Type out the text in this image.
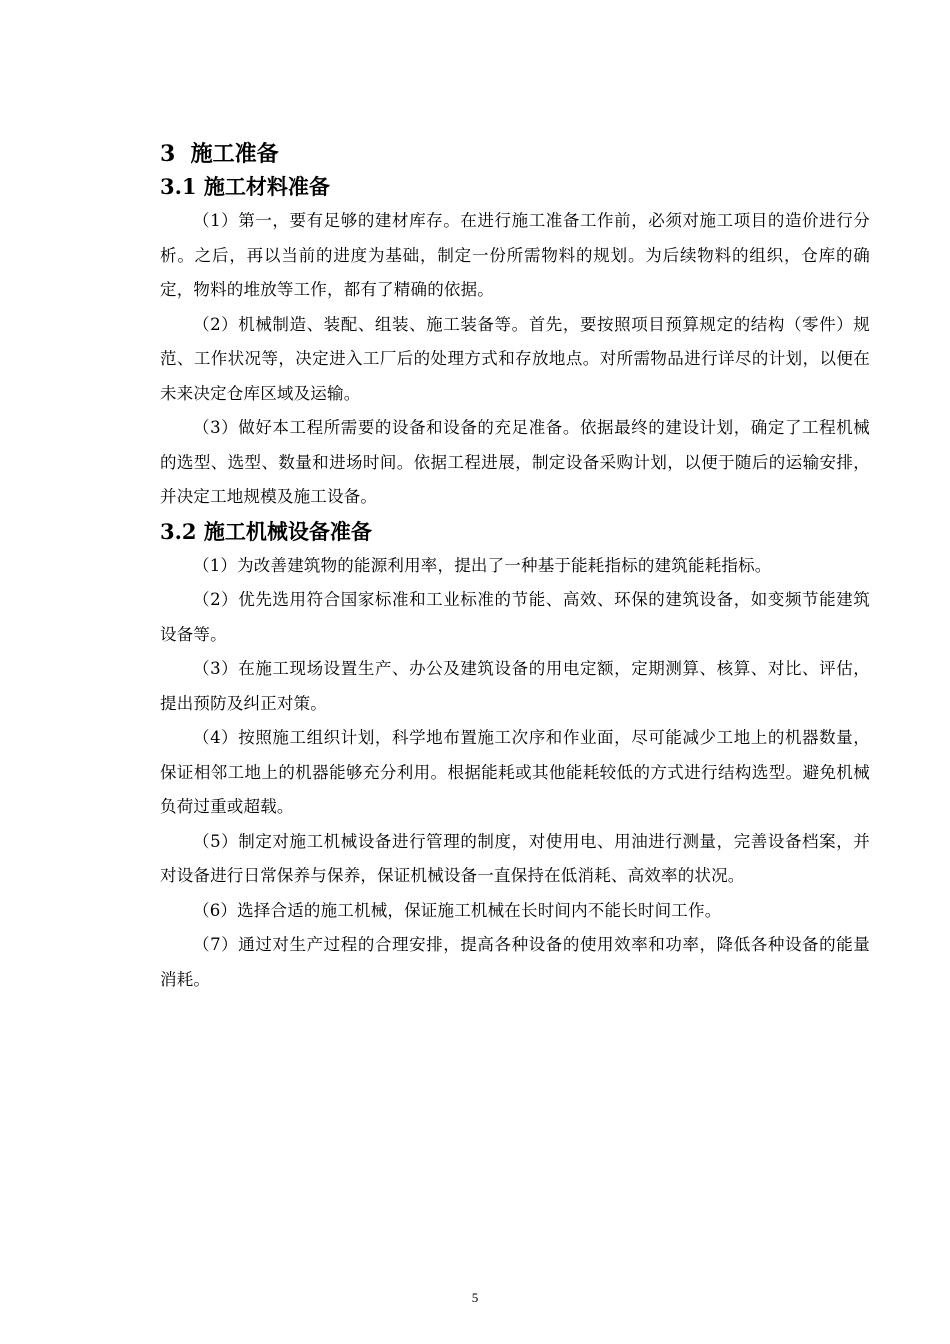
3  施工准备
3.1 施工材料准备

（1）第一，要有足够的建材库存。在进行施工准备工作前，必须对施工项目的造价进行分析。之后，再以当前的进度为基础，制定一份所需物料的规划。为后续物料的组织，仓库的确定，物料的堆放等工作，都有了精确的依据。

（2）机械制造、装配、组装、施工装备等。首先，要按照项目预算规定的结构（零件）规范、工作状况等，决定进入工厂后的处理方式和存放地点。对所需物品进行详尽的计划，以便在未来决定仓库区域及运输。

（3）做好本工程所需要的设备和设备的充足准备。依据最终的建设计划，确定了工程机械的选型、选型、数量和进场时间。依据工程进展，制定设备采购计划，以便于随后的运输安排，并决定工地规模及施工设备。

3.2 施工机械设备准备

（1）为改善建筑物的能源利用率，提出了一种基于能耗指标的建筑能耗指标。

（2）优先选用符合国家标准和工业标准的节能、高效、环保的建筑设备，如变频节能建筑设备等。

（3）在施工现场设置生产、办公及建筑设备的用电定额，定期测算、核算、对比、评估，提出预防及纠正对策。

（4）按照施工组织计划，科学地布置施工次序和作业面，尽可能减少工地上的机器数量，保证相邻工地上的机器能够充分利用。根据能耗或其他能耗较低的方式进行结构选型。避免机械负荷过重或超载。

（5）制定对施工机械设备进行管理的制度，对使用电、用油进行测量，完善设备档案，并对设备进行日常保养与保养，保证机械设备一直保持在低消耗、高效率的状况。

（6）选择合适的施工机械，保证施工机械在长时间内不能长时间工作。

（7）通过对生产过程的合理安排，提高各种设备的使用效率和功率，降低各种设备的能量消耗。

5
